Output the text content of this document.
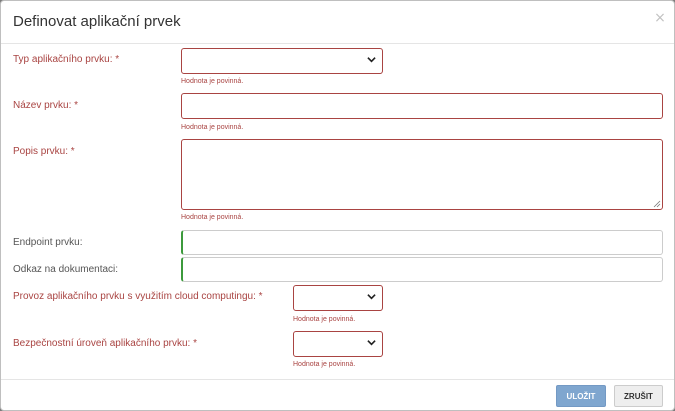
Definovat aplikační prvek	×
Typ aplikačního prvku: *
Hodnota je povinná.
Název prvku: *
Hodnota je povinná.
Popis prvku: *
Hodnota je povinná.
Endpoint prvku:
Odkaz na dokumentaci:
Provoz aplikačního prvku s využitím cloud computingu: *
Hodnota je povinná.
Bezpečnostní úroveň aplikačního prvku: *
Hodnota je povinná.
ULOŽIT	ZRUŠIT
